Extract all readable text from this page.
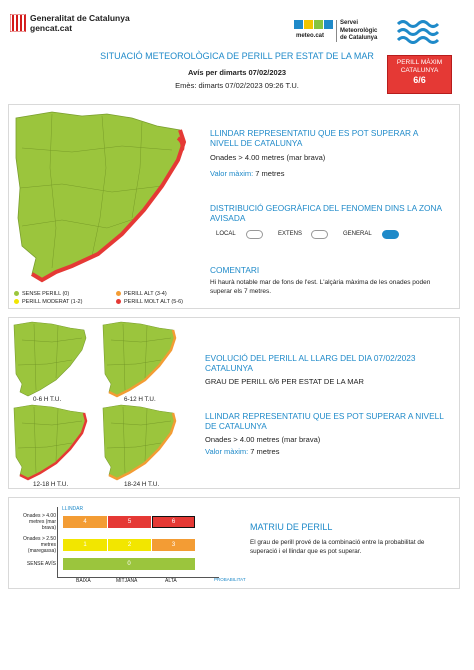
Generalitat de Catalunya
gencat.cat
meteo.cat
Servei
Meteorològic
de Catalunya
SITUACIÓ METEOROLÒGICA DE PERILL PER ESTAT DE LA MAR
Avís per dimarts 07/02/2023
Emès: dimarts 07/02/2023 09:26 T.U.
PERILL MÀXIM
CATALUNYA
6/6
SENSE PERILL (0)
PERILL MODERAT (1-2)
PERILL ALT (3-4)
PERILL MOLT ALT (5-6)
LLINDAR REPRESENTATIU QUE ES POT SUPERAR A NIVELL DE CATALUNYA
Onades > 4.00 metres (mar brava)
Valor màxim: 7 metres
DISTRIBUCIÓ GEOGRÀFICA DEL FENOMEN DINS LA ZONA AVISADA
LOCAL	EXTENS	GENERAL
COMENTARI
Hi haurà notable mar de fons de l'est. L'alçària màxima de les onades poden superar els 7 metres.
0-6 H T.U.	6-12 H T.U.
12-18 H T.U.	18-24 H T.U.
EVOLUCIÓ DEL PERILL AL LLARG DEL DIA 07/02/2023 CATALUNYA
GRAU DE PERILL 6/6 PER ESTAT DE LA MAR
LLINDAR REPRESENTATIU QUE ES POT SUPERAR A NIVELL DE CATALUNYA
Onades > 4.00 metres (mar brava)
Valor màxim: 7 metres
LLINDAR
PROBABILITAT
Onades > 4.00 metres (mar brava)
4	5	6
Onades > 2.50 metres (maregassa)
1	2	3
SENSE AVÍS	0
BAIXA	MITJANA	ALTA
MATRIU DE PERILL
El grau de perill prové de la combinació entre la probabilitat de superació i el llindar que es pot superar.
